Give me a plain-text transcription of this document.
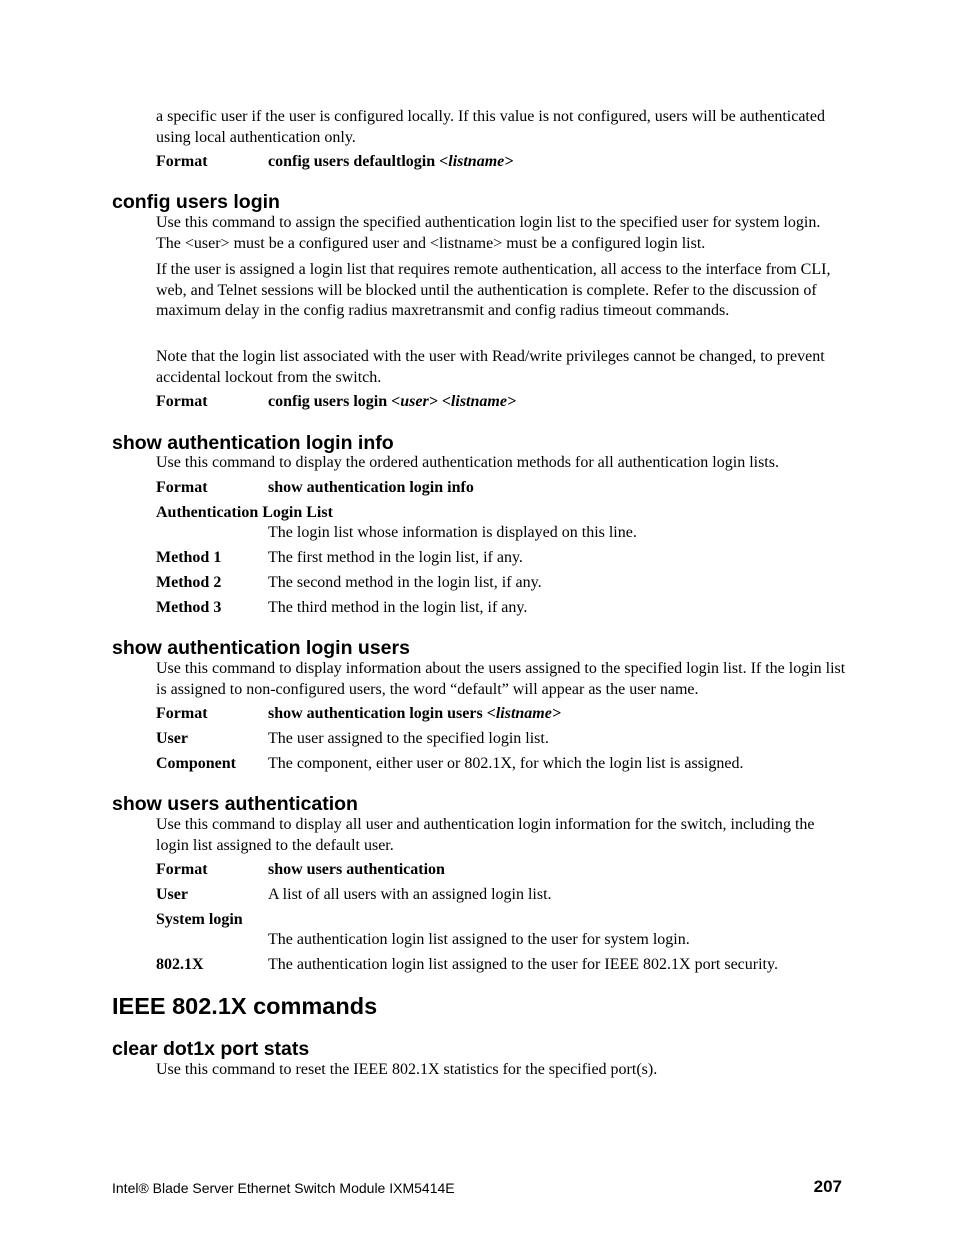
a specific user if the user is configured locally. If this value is not configured, users will be authenticated using local authentication only.

Format	config users defaultlogin <listname>
config users login

Use this command to assign the specified authentication login list to the specified user for system login. The <user> must be a configured user and <listname> must be a configured login list.

If the user is assigned a login list that requires remote authentication, all access to the interface from CLI, web, and Telnet sessions will be blocked until the authentication is complete. Refer to the discussion of maximum delay in the config radius maxretransmit and config radius timeout commands.

Note that the login list associated with the user with Read/write privileges cannot be changed, to prevent accidental lockout from the switch.

Format	config users login <user> <listname>
show authentication login info

Use this command to display the ordered authentication methods for all authentication login lists.

Format	show authentication login info
Authentication Login List
The login list whose information is displayed on this line.
Method 1	The first method in the login list, if any.
Method 2	The second method in the login list, if any.
Method 3	The third method in the login list, if any.
show authentication login users

Use this command to display information about the users assigned to the specified login list. If the login list is assigned to non-configured users, the word “default” will appear as the user name.

Format	show authentication login users <listname>
User	The user assigned to the specified login list.
Component The component, either user or 802.1X, for which the login list is assigned.
show users authentication

Use this command to display all user and authentication login information for the switch, including the login list assigned to the default user.

Format	show users authentication
User	A list of all users with an assigned login list.
System login
The authentication login list assigned to the user for system login.
802.1X	The authentication login list assigned to the user for IEEE 802.1X port security.
IEEE 802.1X commands
clear dot1x port stats

Use this command to reset the IEEE 802.1X statistics for the specified port(s).

Intel® Blade Server Ethernet Switch Module IXM5414E	207
